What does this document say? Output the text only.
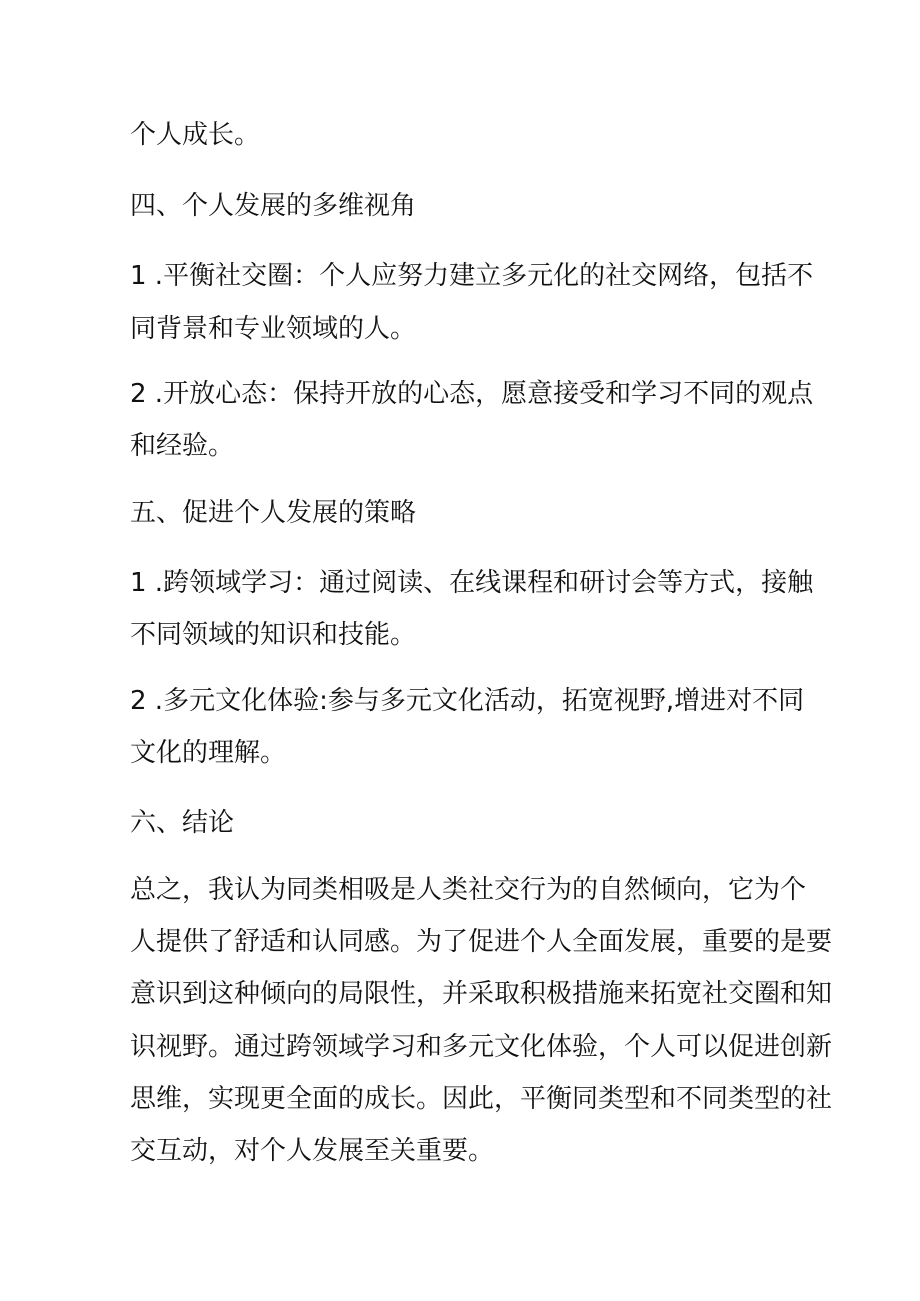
个人成长。
四、个人发展的多维视角
1 .平衡社交圈：个人应努力建立多元化的社交网络，包括不
同背景和专业领域的人。
2 .开放心态：保持开放的心态，愿意接受和学习不同的观点
和经验。
五、促进个人发展的策略
1 .跨领域学习：通过阅读、在线课程和研讨会等方式，接触
不同领域的知识和技能。
2 .多元文化体验:参与多元文化活动，拓宽视野,增进对不同
文化的理解。
六、结论
总之，我认为同类相吸是人类社交行为的自然倾向，它为个
人提供了舒适和认同感。为了促进个人全面发展，重要的是要
意识到这种倾向的局限性，并采取积极措施来拓宽社交圈和知
识视野。通过跨领域学习和多元文化体验，个人可以促进创新
思维，实现更全面的成长。因此，平衡同类型和不同类型的社
交互动，对个人发展至关重要。
